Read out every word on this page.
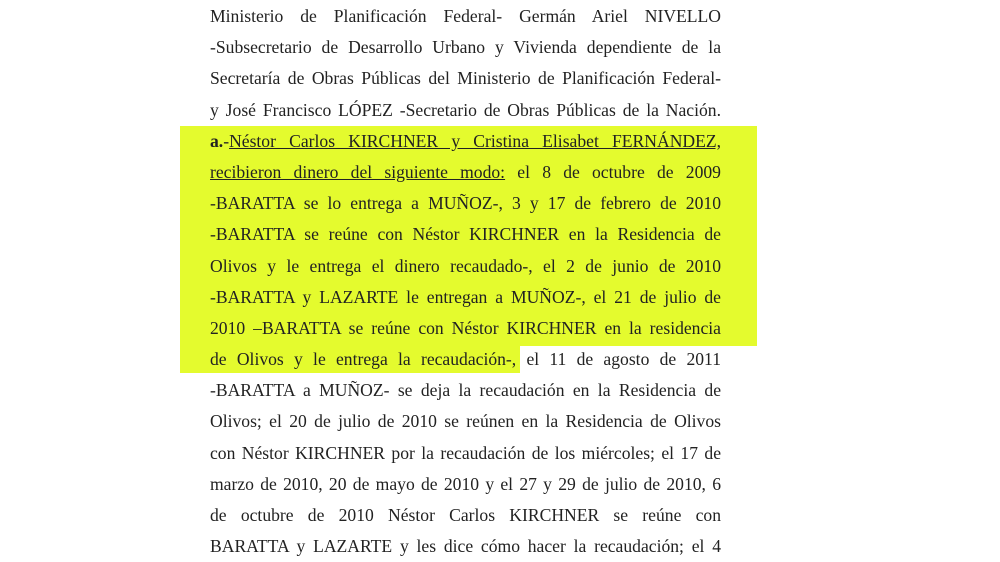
Ministerio de Planificación Federal- Germán Ariel NIVELLO
-Subsecretario de Desarrollo Urbano y Vivienda dependiente de la
Secretaría de Obras Públicas del Ministerio de Planificación Federal-
y José Francisco LÓPEZ -Secretario de Obras Públicas de la Nación.
a.-Néstor Carlos KIRCHNER y Cristina Elisabet FERNÁNDEZ,
recibieron dinero del siguiente modo: el 8 de octubre de 2009
-BARATTA se lo entrega a MUÑOZ-, 3 y 17 de febrero de 2010
-BARATTA se reúne con Néstor KIRCHNER en la Residencia de
Olivos y le entrega el dinero recaudado-, el 2 de junio de 2010
-BARATTA y LAZARTE le entregan a MUÑOZ-, el 21 de julio de
2010 –BARATTA se reúne con Néstor KIRCHNER en la residencia
de Olivos y le entrega la recaudación-, el 11 de agosto de 2011
-BARATTA a MUÑOZ- se deja la recaudación en la Residencia de
Olivos; el 20 de julio de 2010 se reúnen en la Residencia de Olivos
con Néstor KIRCHNER por la recaudación de los miércoles; el 17 de
marzo de 2010, 20 de mayo de 2010 y el 27 y 29 de julio de 2010, 6
de octubre de 2010 Néstor Carlos KIRCHNER se reúne con
BARATTA y LAZARTE y les dice cómo hacer la recaudación; el 4
